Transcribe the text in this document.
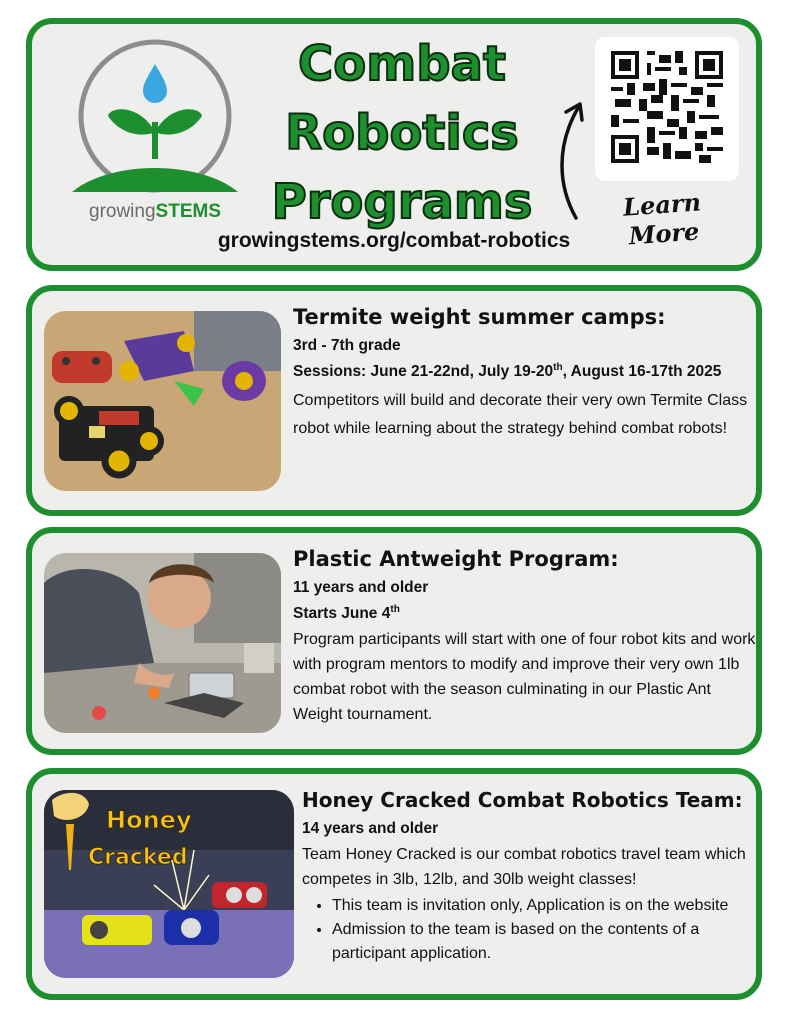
growingSTEMS
Combat
Robotics
Programs	Learn More
growingstems.org/combat-robotics
Termite weight summer camps:

3rd - 7th grade

Sessions: June 21-22nd, July 19-20th, August 16-17th 2025

Competitors will build and decorate their very own Termite Class robot while learning about the strategy behind combat robots!

Plastic Antweight Program:

11 years and older

Starts June 4th

Program participants will start with one of four robot kits and work with program mentors to modify and improve their very own 1lb combat robot with the season culminating in our Plastic Ant Weight tournament.

Honey
Cracked
Honey Cracked Combat Robotics Team:

14 years and older

Team Honey Cracked is our combat robotics travel team which competes in 3lb, 12lb, and 30lb weight classes!

• This team is invitation only, Application is on the website
• Admission to the team is based on the contents of a participant application.
